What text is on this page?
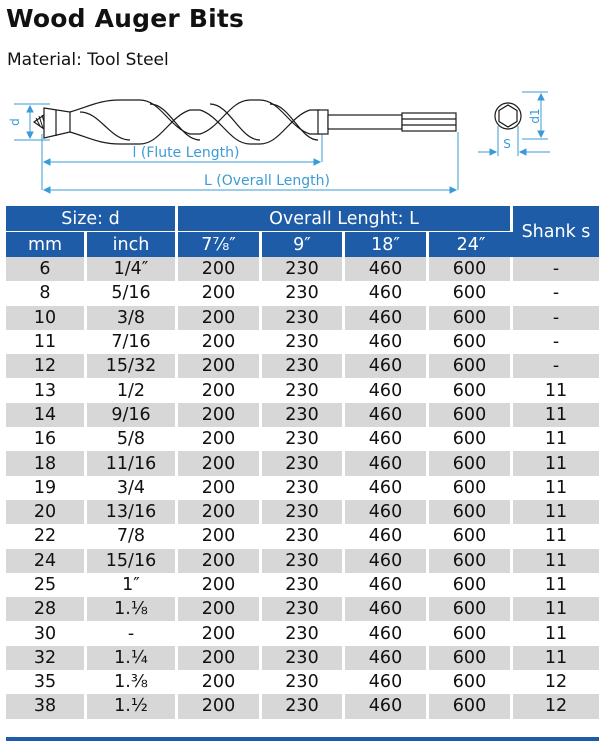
Wood Auger Bits
Material: Tool Steel
d
l (Flute Length)
L (Overall Length)
d1
S
Size: d		Overall Lenght: L				Shank s
mm	inch	7⁷⁄₈″	9″	18″	24″	
6	1/4″	200	230	460	600	-
8	5/16	200	230	460	600	-
10	3/8	200	230	460	600	-
11	7/16	200	230	460	600	-
12	15/32	200	230	460	600	-
13	1/2	200	230	460	600	11
14	9/16	200	230	460	600	11
16	5/8	200	230	460	600	11
18	11/16	200	230	460	600	11
19	3/4	200	230	460	600	11
20	13/16	200	230	460	600	11
22	7/8	200	230	460	600	11
24	15/16	200	230	460	600	11
25	1″	200	230	460	600	11
28	1.⅛	200	230	460	600	11
30	-	200	230	460	600	11
32	1.¼	200	230	460	600	11
35	1.⅜	200	230	460	600	12
38	1.½	200	230	460	600	12
